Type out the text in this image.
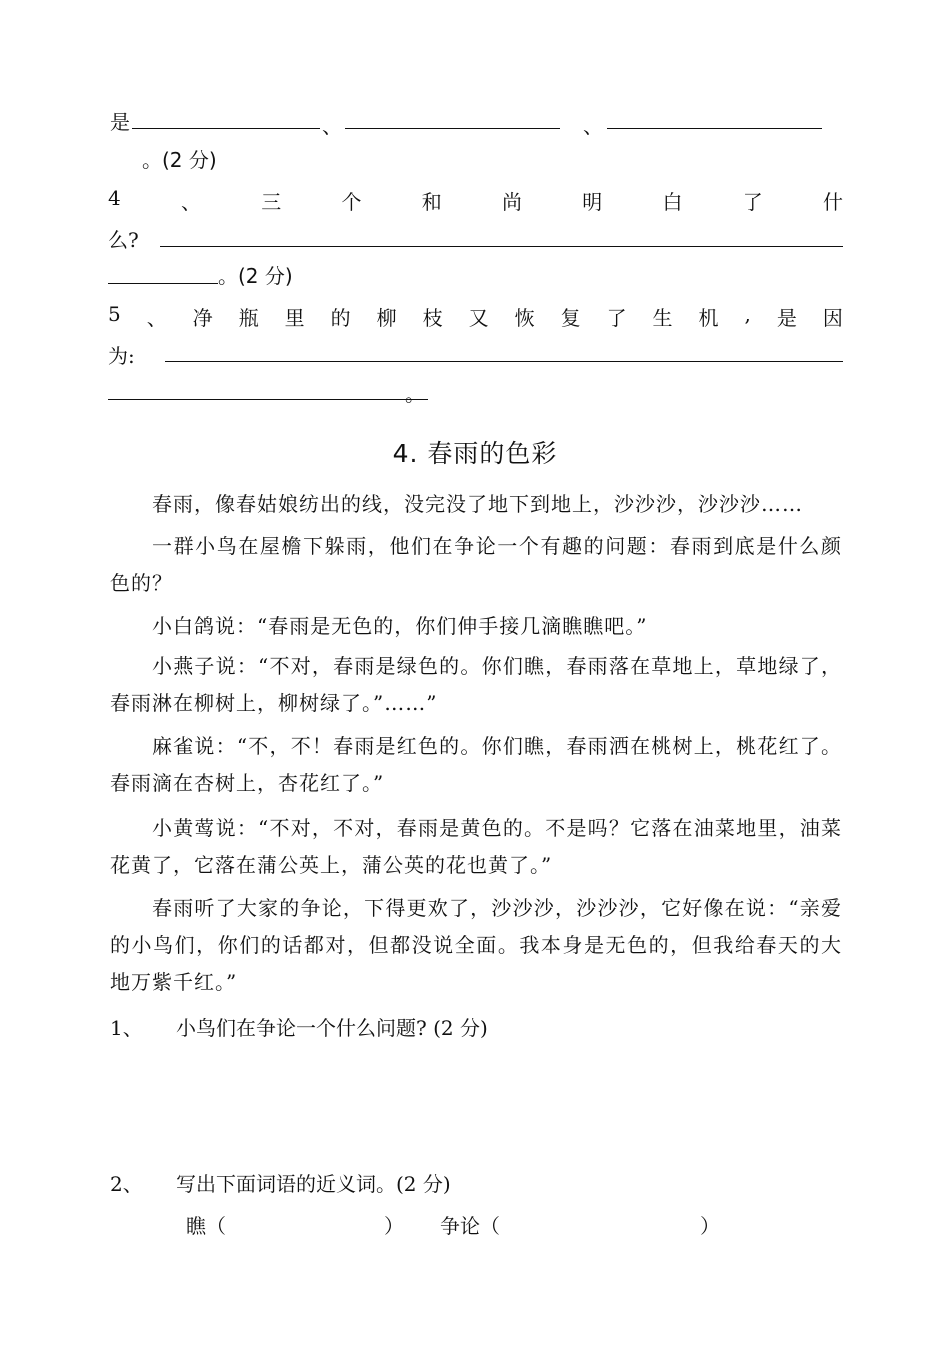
是	、	、
。(2 分)
4	、	三	个	和	尚	明	白	了	什
么?
。(2 分)
5 、 净 瓶 里 的 柳 枝 又 恢 复 了 生 机 , 是 因
为:
。
4. 春雨的色彩

春雨，像春姑娘纺出的线，没完没了地下到地上，沙沙沙，沙沙沙……

一群小鸟在屋檐下躲雨，他们在争论一个有趣的问题：春雨到底是什么颜色的？

小白鸽说：“春雨是无色的，你们伸手接几滴瞧瞧吧。”

小燕子说：“不对，春雨是绿色的。你们瞧，春雨落在草地上，草地绿了，春雨淋在柳树上，柳树绿了。”……”

麻雀说：“不，不！春雨是红色的。你们瞧，春雨洒在桃树上，桃花红了。春雨滴在杏树上，杏花红了。”

小黄莺说：“不对，不对，春雨是黄色的。不是吗？它落在油菜地里，油菜花黄了，它落在蒲公英上，蒲公英的花也黄了。”

春雨听了大家的争论，下得更欢了，沙沙沙，沙沙沙，它好像在说：“亲爱的小鸟们，你们的话都对，但都没说全面。我本身是无色的，但我给春天的大地万紫千红。”

1、 小鸟们在争论一个什么问题? (2 分)
2、 写出下面词语的近义词。(2 分)
瞧（	） 争论（	）
